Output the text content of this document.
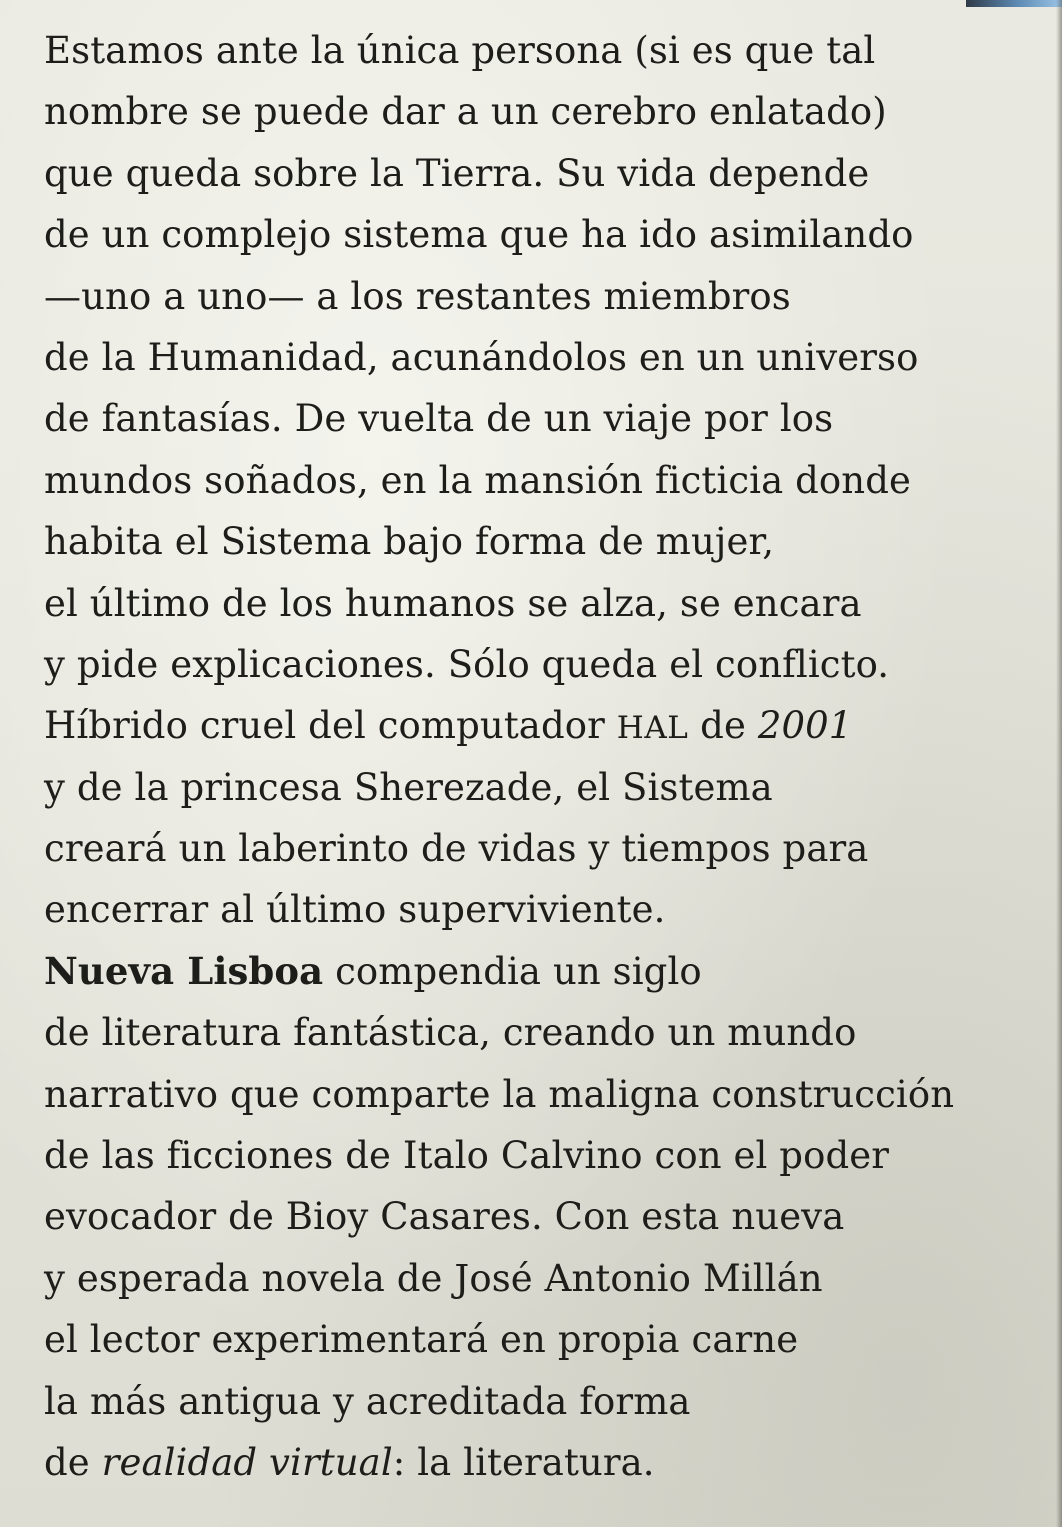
Estamos ante la única persona (si es que tal
nombre se puede dar a un cerebro enlatado)
que queda sobre la Tierra. Su vida depende
de un complejo sistema que ha ido asimilando
—uno a uno— a los restantes miembros
de la Humanidad, acunándolos en un universo
de fantasías. De vuelta de un viaje por los
mundos soñados, en la mansión ficticia donde
habita el Sistema bajo forma de mujer,
el último de los humanos se alza, se encara
y pide explicaciones. Sólo queda el conflicto.
Híbrido cruel del computador HAL de 2001
y de la princesa Sherezade, el Sistema
creará un laberinto de vidas y tiempos para
encerrar al último superviviente.
Nueva Lisboa compendia un siglo
de literatura fantástica, creando un mundo
narrativo que comparte la maligna construcción
de las ficciones de Italo Calvino con el poder
evocador de Bioy Casares. Con esta nueva
y esperada novela de José Antonio Millán
el lector experimentará en propia carne
la más antigua y acreditada forma
de realidad virtual: la literatura.
